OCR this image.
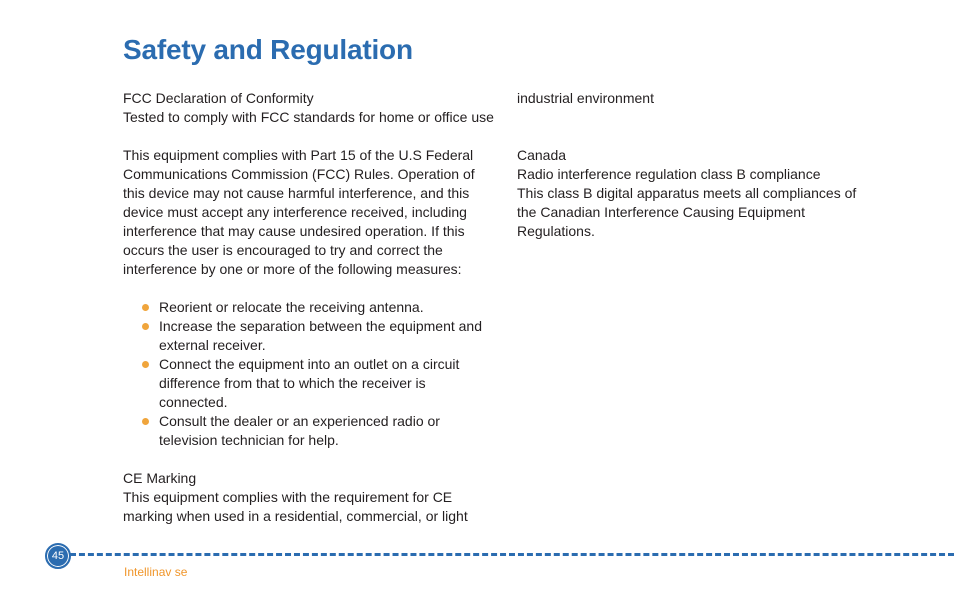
Safety and Regulation

FCC Declaration of Conformity

Tested to comply with FCC standards for home or office use

This equipment complies with Part 15 of the U.S Federal Communications Commission (FCC) Rules. Operation of this device may not cause harmful interference, and this device must accept any interference received, including interference that may cause undesired operation. If this occurs the user is encouraged to try and correct the interference by one or more of the following measures:

Reorient or relocate the receiving antenna.
Increase the separation between the equipment and external receiver.
Connect the equipment into an outlet on a circuit difference from that to which the receiver is connected.
Consult the dealer or an experienced radio or television technician for help.

CE Marking

This equipment complies with the requirement for CE marking when used in a residential, commercial, or light

industrial environment

Canada

Radio interference regulation class B compliance

This class B digital apparatus meets all compliances of the Canadian Interference Causing Equipment Regulations.

45
Intellinav se
